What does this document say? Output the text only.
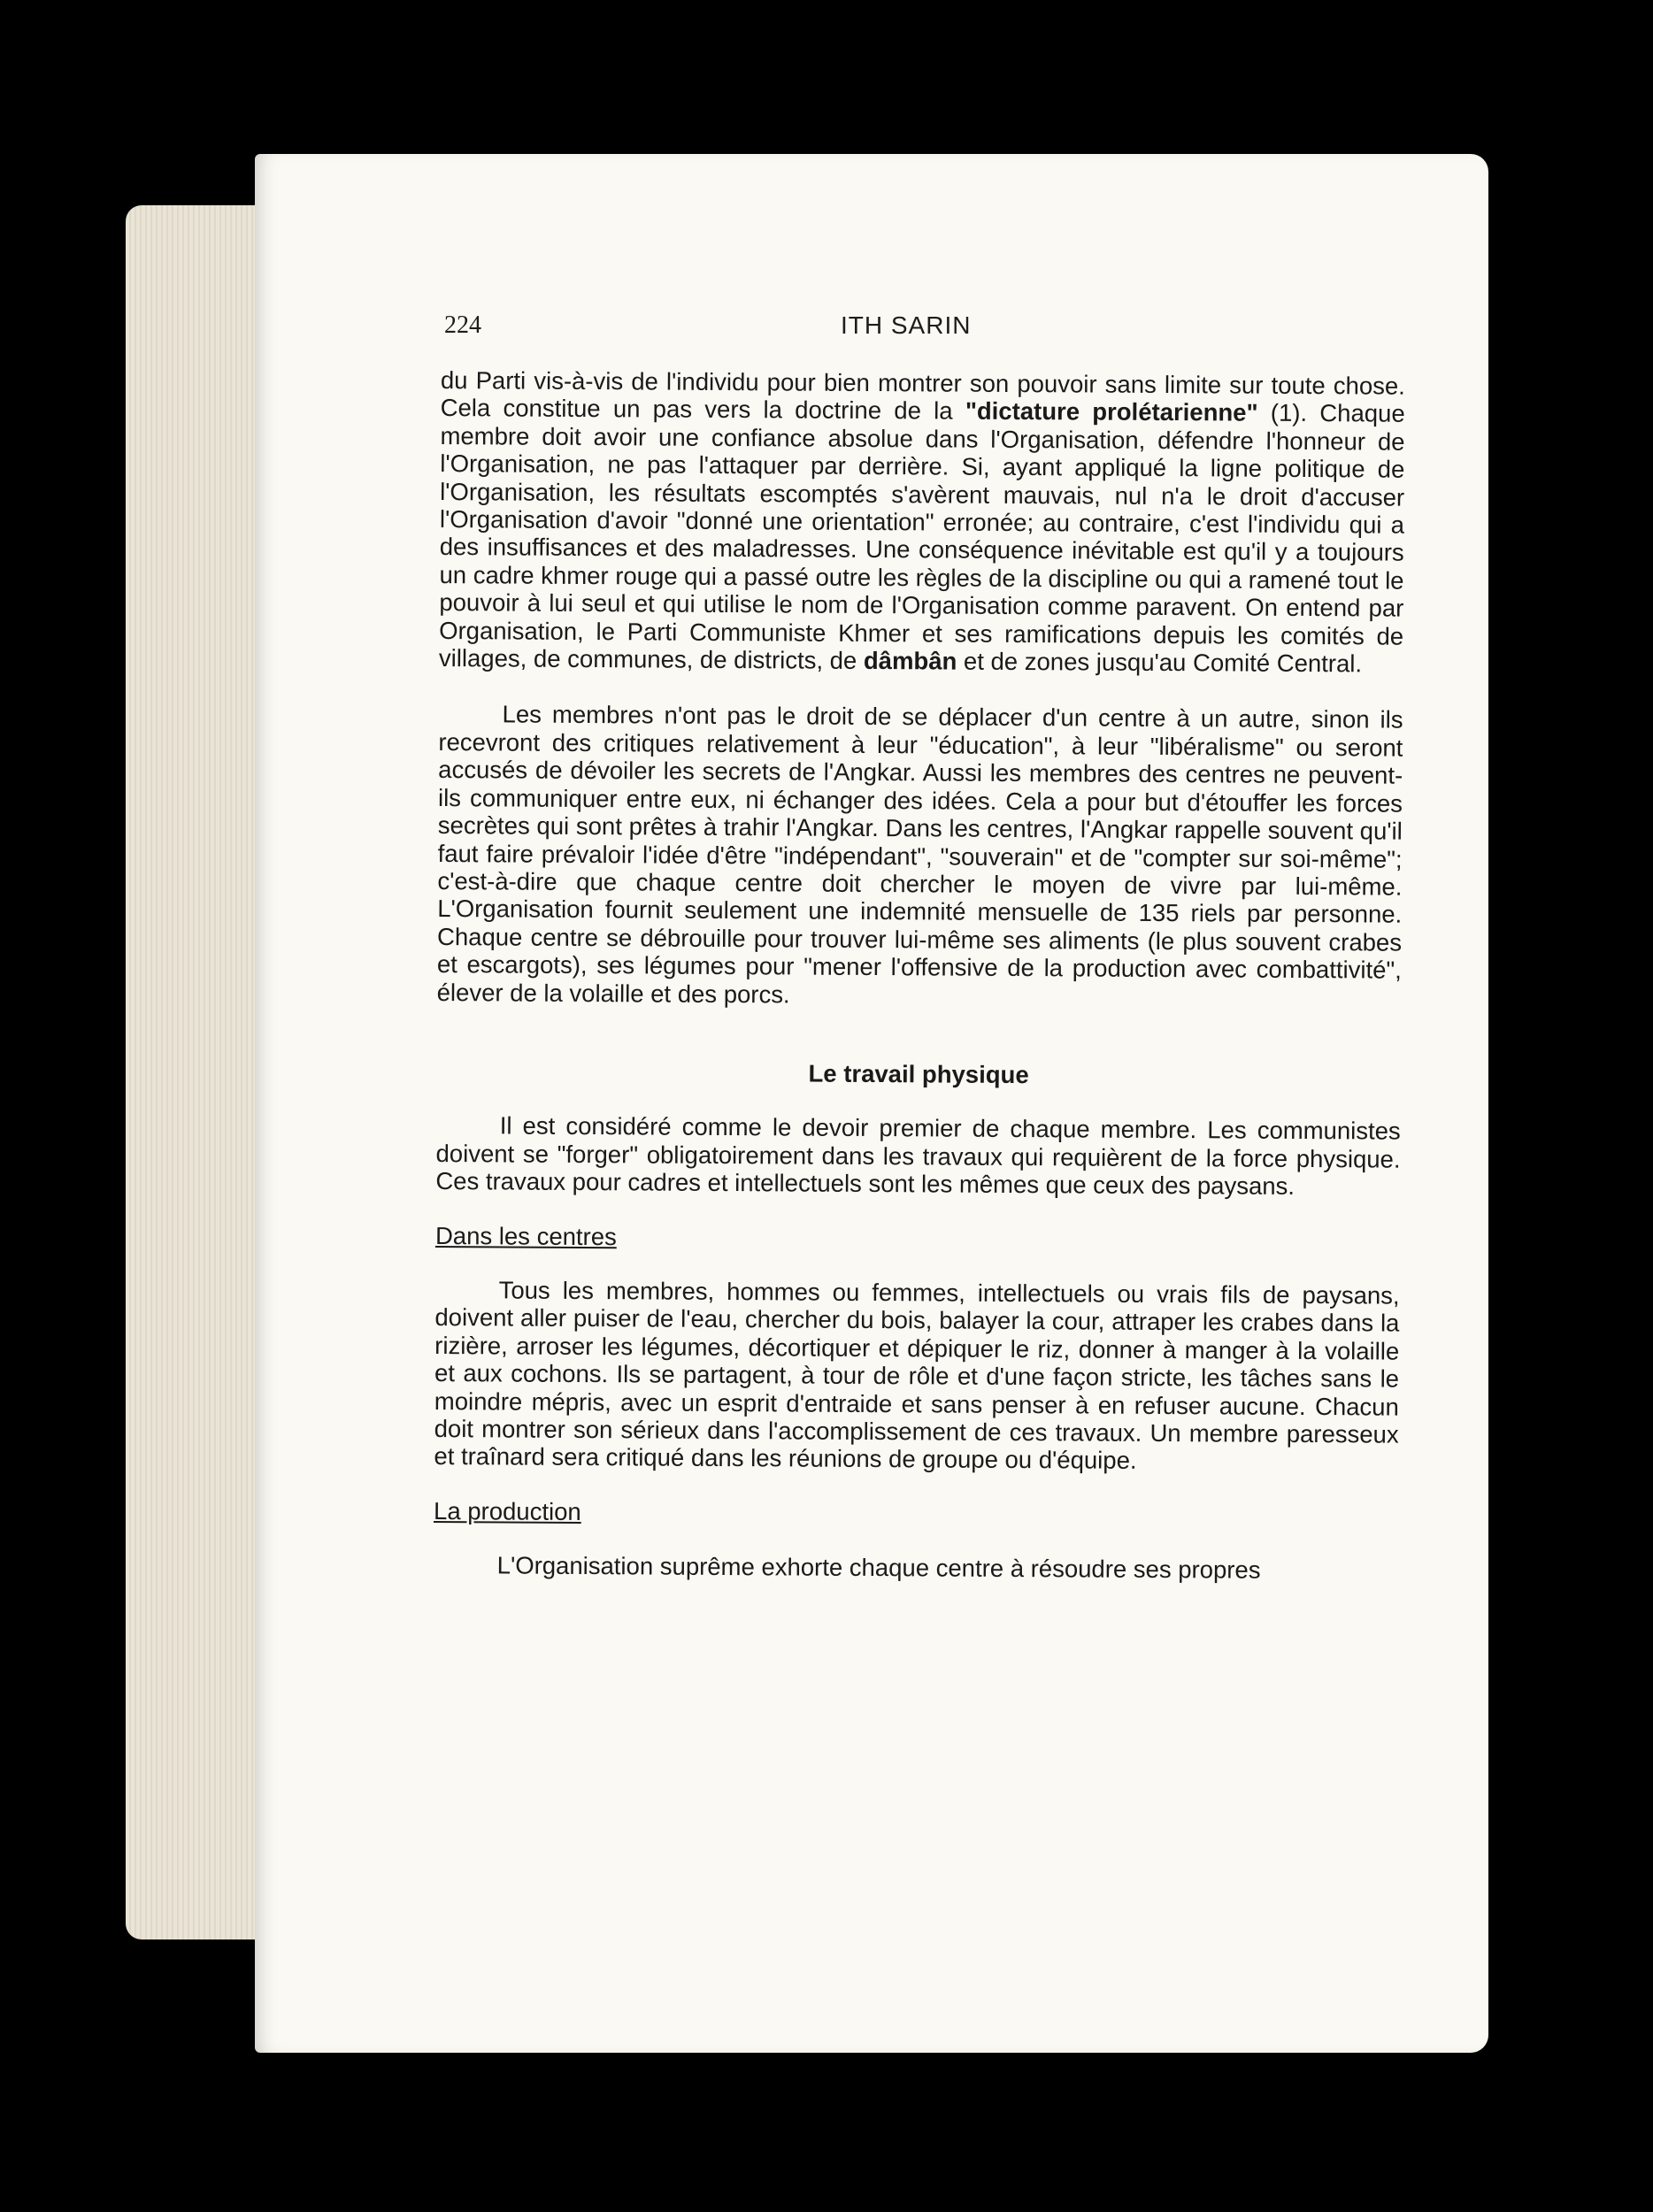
224	ITH SARIN

du Parti vis-à-vis de l'individu pour bien montrer son pouvoir sans limite sur toute chose. Cela constitue un pas vers la doctrine de la "dictature prolétarienne" (1). Chaque membre doit avoir une confiance absolue dans l'Organisation, défendre l'honneur de l'Organisation, ne pas l'attaquer par derrière. Si, ayant appliqué la ligne politique de l'Organisation, les résultats escomptés s'avèrent mauvais, nul n'a le droit d'accuser l'Organisation d'avoir "donné une orientation" erronée; au contraire, c'est l'individu qui a des insuffisances et des maladresses. Une conséquence inévitable est qu'il y a toujours un cadre khmer rouge qui a passé outre les règles de la discipline ou qui a ramené tout le pouvoir à lui seul et qui utilise le nom de l'Organisation comme paravent. On entend par Organisation, le Parti Communiste Khmer et ses ramifications depuis les comités de villages, de communes, de districts, de dâmbân et de zones jusqu'au Comité Central.

Les membres n'ont pas le droit de se déplacer d'un centre à un autre, sinon ils recevront des critiques relativement à leur "éducation", à leur "libéralisme" ou seront accusés de dévoiler les secrets de l'Angkar. Aussi les membres des centres ne peuvent-ils communiquer entre eux, ni échanger des idées. Cela a pour but d'étouffer les forces secrètes qui sont prêtes à trahir l'Angkar. Dans les centres, l'Angkar rappelle souvent qu'il faut faire prévaloir l'idée d'être "indépendant", "souverain" et de "compter sur soi-même"; c'est-à-dire que chaque centre doit chercher le moyen de vivre par lui-même. L'Organisation fournit seulement une indemnité mensuelle de 135 riels par personne. Chaque centre se débrouille pour trouver lui-même ses aliments (le plus souvent crabes et escargots), ses légumes pour "mener l'offensive de la production avec combattivité", élever de la volaille et des porcs.

Le travail physique

Il est considéré comme le devoir premier de chaque membre. Les communistes doivent se "forger" obligatoirement dans les travaux qui requièrent de la force physique. Ces travaux pour cadres et intellectuels sont les mêmes que ceux des paysans.

Dans les centres

Tous les membres, hommes ou femmes, intellectuels ou vrais fils de paysans, doivent aller puiser de l'eau, chercher du bois, balayer la cour, attraper les crabes dans la rizière, arroser les légumes, décortiquer et dépiquer le riz, donner à manger à la volaille et aux cochons. Ils se partagent, à tour de rôle et d'une façon stricte, les tâches sans le moindre mépris, avec un esprit d'entraide et sans penser à en refuser aucune. Chacun doit montrer son sérieux dans l'accomplissement de ces travaux. Un membre paresseux et traînard sera critiqué dans les réunions de groupe ou d'équipe.

La production

L'Organisation suprême exhorte chaque centre à résoudre ses propres
